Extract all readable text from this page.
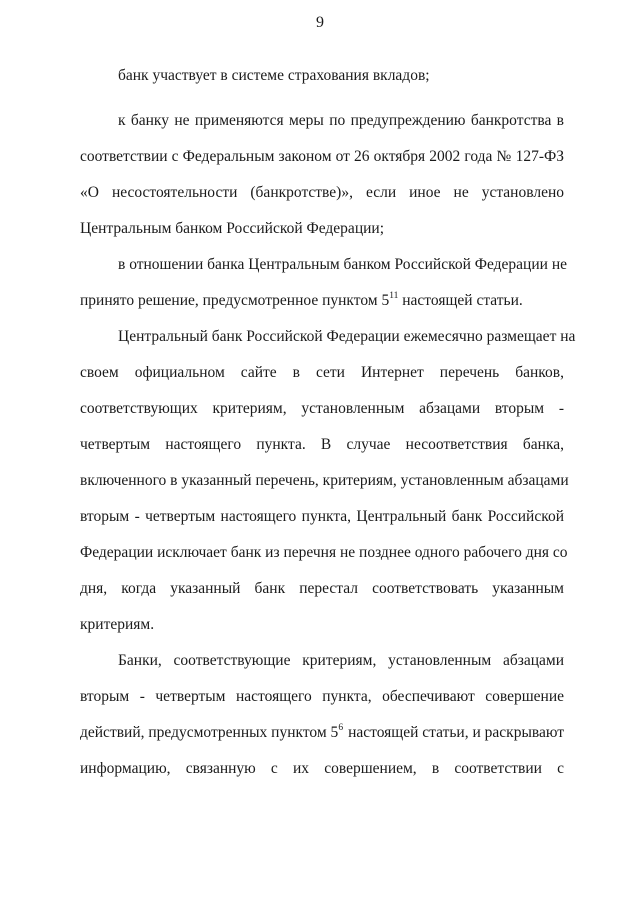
9
банк участвует в системе страхования вкладов;
к банку не применяются меры по предупреждению банкротства в
соответствии с Федеральным законом от 26 октября 2002 года № 127-ФЗ
«О несостоятельности (банкротстве)», если иное не установлено
Центральным банком Российской Федерации;
в отношении банка Центральным банком Российской Федерации не
принято решение, предусмотренное пунктом $5^{11}$ настоящей статьи.
Центральный банк Российской Федерации ежемесячно размещает на
своем официальном сайте в сети Интернет перечень банков,
соответствующих критериям, установленным абзацами вторым -
четвертым настоящего пункта. В случае несоответствия банка,
включенного в указанный перечень, критериям, установленным абзацами
вторым - четвертым настоящего пункта, Центральный банк Российской
Федерации исключает банк из перечня не позднее одного рабочего дня со
дня, когда указанный банк перестал соответствовать указанным
критериям.
Банки, соответствующие критериям, установленным абзацами
вторым - четвертым настоящего пункта, обеспечивают совершение
действий, предусмотренных пунктом $5^6$ настоящей статьи, и раскрывают
информацию, связанную с их совершением, в соответствии с
